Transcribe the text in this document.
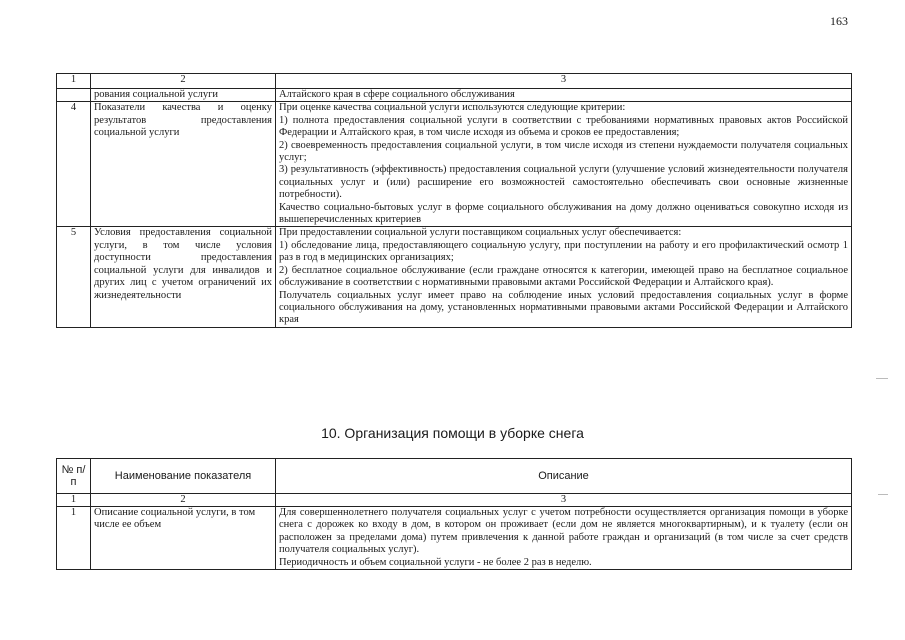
163
1	2	3
	рования социальной услуги	Алтайского края в сфере социального обслуживания

4	Показатели качества и оценку результатов предоставления социальной услуги	При оценке качества социальной услуги используются следующие критерии:
1) полнота предоставления социальной услуги в соответствии с требованиями нормативных правовых актов Российской Федерации и Алтайского края, в том числе исходя из объема и сроков ее предоставления;
2) своевременность предоставления социальной услуги, в том числе исходя из степени нуждаемости получателя социальных услуг;
3) результативность (эффективность) предоставления социальной услуги (улучшение условий жизнедеятельности получателя социальных услуг и (или) расширение его возможностей самостоятельно обеспечивать свои основные жизненные потребности).
Качество социально-бытовых услуг в форме социального обслуживания на дому должно оцениваться совокупно исходя из вышеперечисленных критериев

5	Условия предоставления социальной услуги, в том числе условия доступности предоставления социальной услуги для инвалидов и других лиц с учетом ограничений их жизнедеятельности	При предоставлении социальной услуги поставщиком социальных услуг обеспечивается:
1) обследование лица, предоставляющего социальную услугу, при поступлении на работу и его профилактический осмотр 1 раз в год в медицинских организациях;
2) бесплатное социальное обслуживание (если граждане относятся к категории, имеющей право на бесплатное социальное обслуживание в соответствии с нормативными правовыми актами Российской Федерации и Алтайского края).
Получатель социальных услуг имеет право на соблюдение иных условий предоставления социальных услуг в форме социального обслуживания на дому, установленных нормативными правовыми актами Российской Федерации и Алтайского края
10. Организация помощи в уборке снега
№ п/п	Наименование показателя	Описание
1	2	3
1	Описание социальной услуги, в том числе ее объем	Для совершеннолетнего получателя социальных услуг с учетом потребности осуществляется организация помощи в уборке снега с дорожек ко входу в дом, в котором он проживает (если дом не является многоквартирным), и к туалету (если он расположен за пределами дома) путем привлечения к данной работе граждан и организаций (в том числе за счет средств получателя социальных услуг).
Периодичность и объем социальной услуги - не более 2 раз в неделю.
